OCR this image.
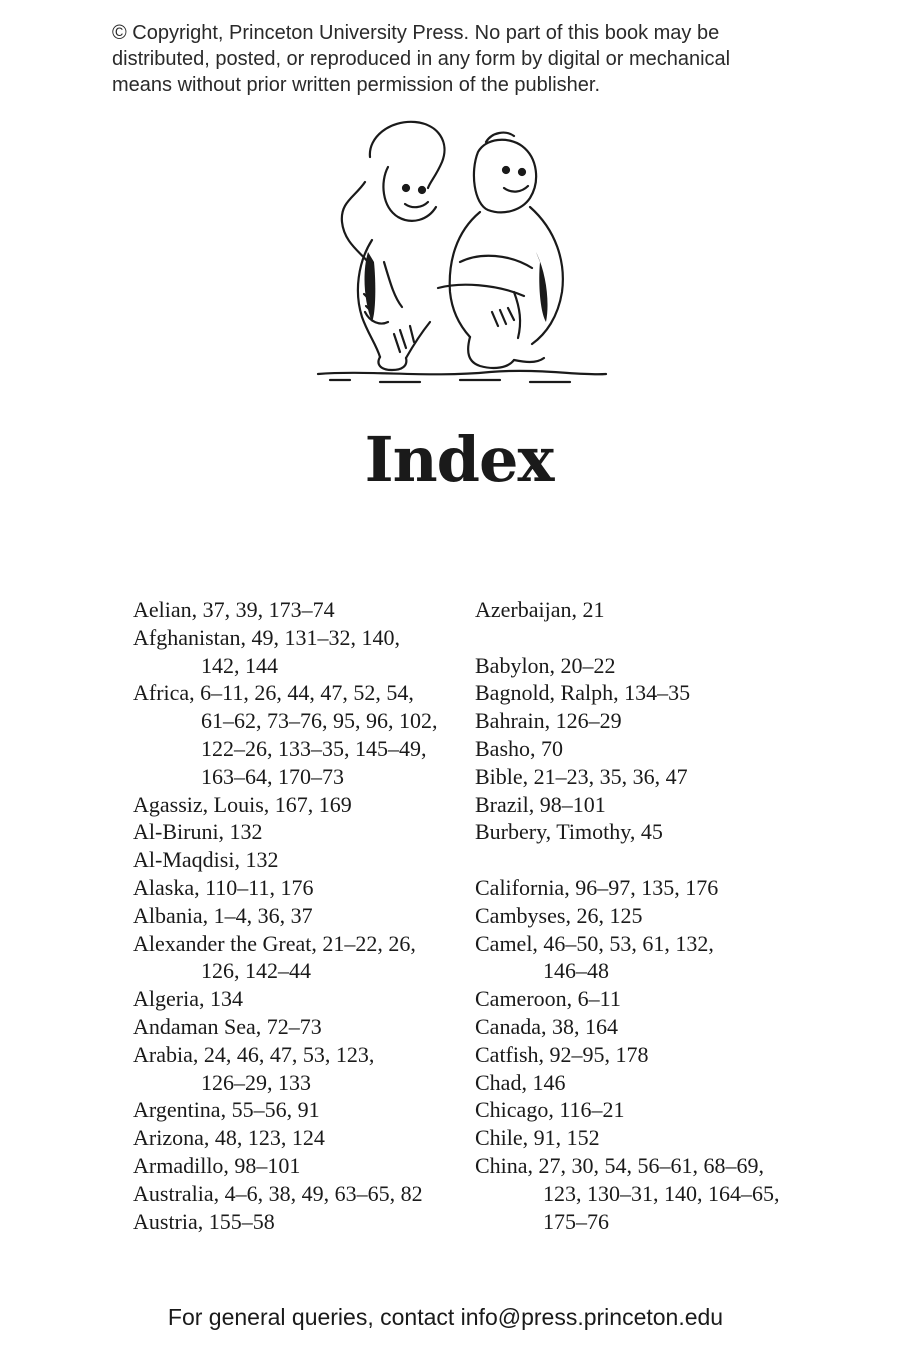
© Copyright, Princeton University Press. No part of this book may be
distributed, posted, or reproduced in any form by digital or mechanical
means without prior written permission of the publisher.
Index

Aelian, 37, 39, 173–74

Afghanistan, 49, 131–32, 140,
142, 144

Africa, 6–11, 26, 44, 47, 52, 54,
61–62, 73–76, 95, 96, 102,
122–26, 133–35, 145–49,
163–64, 170–73

Agassiz, Louis, 167, 169

Al-Biruni, 132

Al-Maqdisi, 132

Alaska, 110–11, 176

Albania, 1–4, 36, 37

Alexander the Great, 21–22, 26,
126, 142–44

Algeria, 134

Andaman Sea, 72–73

Arabia, 24, 46, 47, 53, 123,
126–29, 133

Argentina, 55–56, 91

Arizona, 48, 123, 124

Armadillo, 98–101

Australia, 4–6, 38, 49, 63–65, 82

Austria, 155–58

Azerbaijan, 21

Babylon, 20–22

Bagnold, Ralph, 134–35

Bahrain, 126–29

Basho, 70

Bible, 21–23, 35, 36, 47

Brazil, 98–101

Burbery, Timothy, 45

California, 96–97, 135, 176

Cambyses, 26, 125

Camel, 46–50, 53, 61, 132,
146–48

Cameroon, 6–11

Canada, 38, 164

Catfish, 92–95, 178

Chad, 146

Chicago, 116–21

Chile, 91, 152

China, 27, 30, 54, 56–61, 68–69,
123, 130–31, 140, 164–65,
175–76

For general queries, contact info@press.princeton.edu
